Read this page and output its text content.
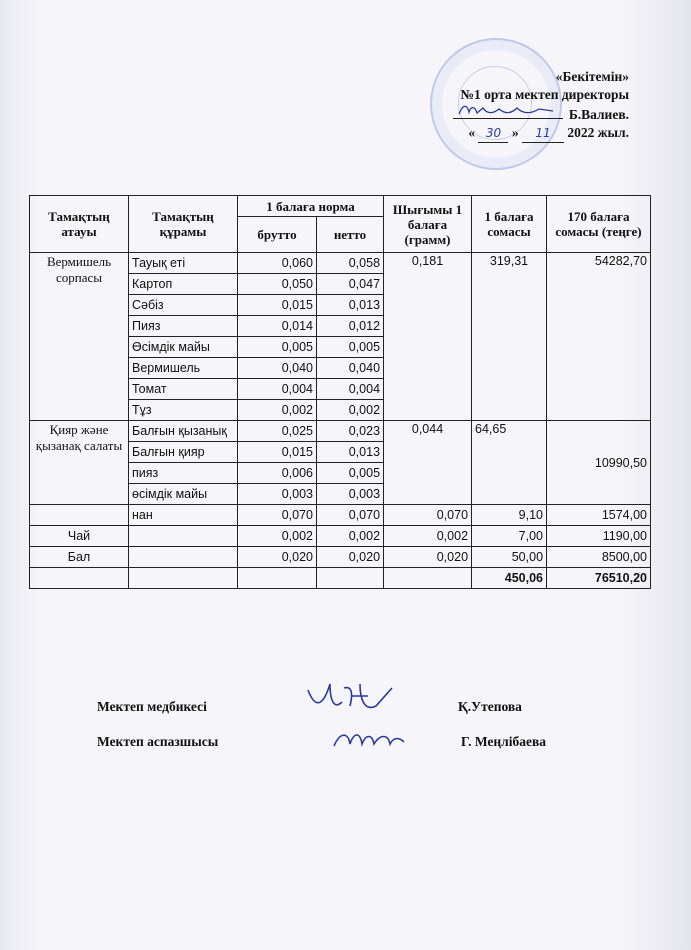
«Бекітемін»
№1 орта мектеп директоры
Б.Валиев.
« 30 » 11 2022 жыл.
Тамақтың атауы	Тамақтың құрамы	1 балаға норма		Шығымы 1 балаға (грамм)	1 балаға сомасы	170 балаға сомасы (теңге)
		брутто	нетто			
Вермишель сорпасы	Тауық еті	0,060	0,058	0,181	319,31	54282,70
	Картоп	0,050	0,047			
	Сәбіз	0,015	0,013			
	Пияз	0,014	0,012			
	Өсімдік майы	0,005	0,005			
	Вермишель	0,040	0,040			
	Томат	0,004	0,004			
	Тұз	0,002	0,002			
Қияр және қызанақ салаты	Балғын қызанық	0,025	0,023	0,044	64,65	10990,50
	Балғын қияр	0,015	0,013			
	пияз	0,006	0,005			
	өсімдік майы	0,003	0,003			
	нан	0,070	0,070	0,070	9,10	1574,00
Чай		0,002	0,002	0,002	7,00	1190,00
Бал		0,020	0,020	0,020	50,00	8500,00
					450,06	76510,20
Мектеп медбикесі	Қ.Утепова
Мектеп аспазшысы	Г. Меңлібаева
